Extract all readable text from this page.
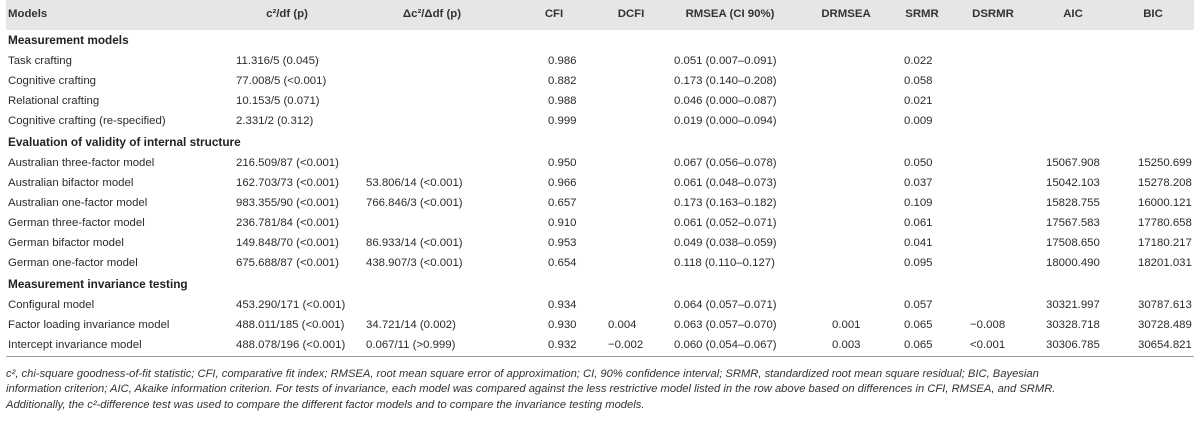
Models	c²/df (p)	Δc²/Δdf (p)	CFI	DCFI	RMSEA (CI 90%)	DRMSEA	SRMR	DSRMR	AIC	BIC
Measurement models										
Task crafting	11.316/5 (0.045)		0.986		0.051 (0.007–0.091)		0.022			
Cognitive crafting	77.008/5 (<0.001)		0.882		0.173 (0.140–0.208)		0.058			
Relational crafting	10.153/5 (0.071)		0.988		0.046 (0.000–0.087)		0.021			
Cognitive crafting (re-specified)	2.331/2 (0.312)		0.999		0.019 (0.000–0.094)		0.009			
Evaluation of validity of internal structure										
Australian three-factor model	216.509/87 (<0.001)		0.950		0.067 (0.056–0.078)		0.050		15067.908	15250.699
Australian bifactor model	162.703/73 (<0.001)	53.806/14 (<0.001)	0.966		0.061 (0.048–0.073)		0.037		15042.103	15278.208
Australian one-factor model	983.355/90 (<0.001)	766.846/3 (<0.001)	0.657		0.173 (0.163–0.182)		0.109		15828.755	16000.121
German three-factor model	236.781/84 (<0.001)		0.910		0.061 (0.052–0.071)		0.061		17567.583	17780.658
German bifactor model	149.848/70 (<0.001)	86.933/14 (<0.001)	0.953		0.049 (0.038–0.059)		0.041		17508.650	17180.217
German one-factor model	675.688/87 (<0.001)	438.907/3 (<0.001)	0.654		0.118 (0.110–0.127)		0.095		18000.490	18201.031
Measurement invariance testing										
Configural model	453.290/171 (<0.001)		0.934		0.064 (0.057–0.071)		0.057		30321.997	30787.613
Factor loading invariance model	488.011/185 (<0.001)	34.721/14 (0.002)	0.930	0.004	0.063 (0.057–0.070)	0.001	0.065	−0.008	30328.718	30728.489
Intercept invariance model	488.078/196 (<0.001)	0.067/11 (>0.999)	0.932	−0.002	0.060 (0.054–0.067)	0.003	0.065	<0.001	30306.785	30654.821
c², chi-square goodness-of-fit statistic; CFI, comparative fit index; RMSEA, root mean square error of approximation; CI, 90% confidence interval; SRMR, standardized root mean square residual; BIC, Bayesian
information criterion; AIC, Akaike information criterion. For tests of invariance, each model was compared against the less restrictive model listed in the row above based on differences in CFI, RMSEA, and SRMR.
Additionally, the c²-difference test was used to compare the different factor models and to compare the invariance testing models.
